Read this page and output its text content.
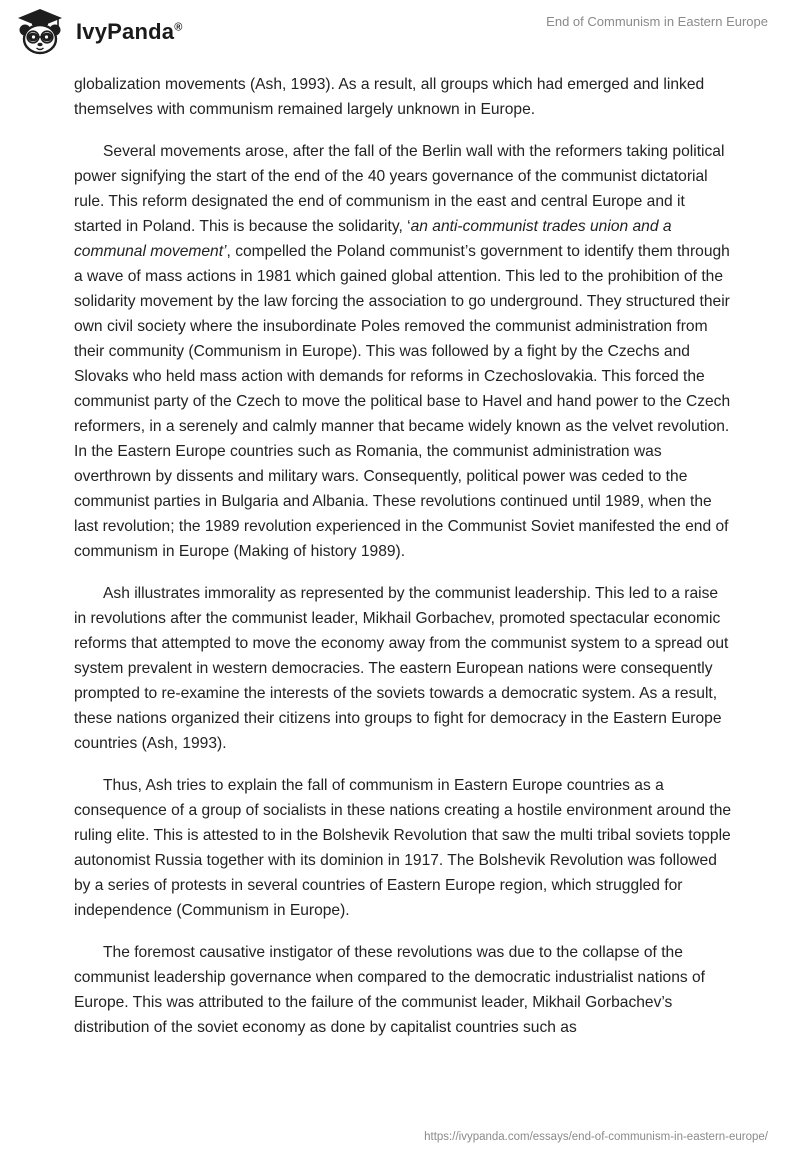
IvyPanda®	End of Communism in Eastern Europe

globalization movements (Ash, 1993). As a result, all groups which had emerged and linked themselves with communism remained largely unknown in Europe.

Several movements arose, after the fall of the Berlin wall with the reformers taking political power signifying the start of the end of the 40 years governance of the communist dictatorial rule. This reform designated the end of communism in the east and central Europe and it started in Poland. This is because the solidarity, ‘an anti-communist trades union and a communal movement’, compelled the Poland communist’s government to identify them through a wave of mass actions in 1981 which gained global attention. This led to the prohibition of the solidarity movement by the law forcing the association to go underground. They structured their own civil society where the insubordinate Poles removed the communist administration from their community (Communism in Europe). This was followed by a fight by the Czechs and Slovaks who held mass action with demands for reforms in Czechoslovakia. This forced the communist party of the Czech to move the political base to Havel and hand power to the Czech reformers, in a serenely and calmly manner that became widely known as the velvet revolution. In the Eastern Europe countries such as Romania, the communist administration was overthrown by dissents and military wars. Consequently, political power was ceded to the communist parties in Bulgaria and Albania. These revolutions continued until 1989, when the last revolution; the 1989 revolution experienced in the Communist Soviet manifested the end of communism in Europe (Making of history 1989).

Ash illustrates immorality as represented by the communist leadership. This led to a raise in revolutions after the communist leader, Mikhail Gorbachev, promoted spectacular economic reforms that attempted to move the economy away from the communist system to a spread out system prevalent in western democracies. The eastern European nations were consequently prompted to re-examine the interests of the soviets towards a democratic system. As a result, these nations organized their citizens into groups to fight for democracy in the Eastern Europe countries (Ash, 1993).

Thus, Ash tries to explain the fall of communism in Eastern Europe countries as a consequence of a group of socialists in these nations creating a hostile environment around the ruling elite. This is attested to in the Bolshevik Revolution that saw the multi tribal soviets topple autonomist Russia together with its dominion in 1917. The Bolshevik Revolution was followed by a series of protests in several countries of Eastern Europe region, which struggled for independence (Communism in Europe).

The foremost causative instigator of these revolutions was due to the collapse of the communist leadership governance when compared to the democratic industrialist nations of Europe. This was attributed to the failure of the communist leader, Mikhail Gorbachev’s distribution of the soviet economy as done by capitalist countries such as

https://ivypanda.com/essays/end-of-communism-in-eastern-europe/
